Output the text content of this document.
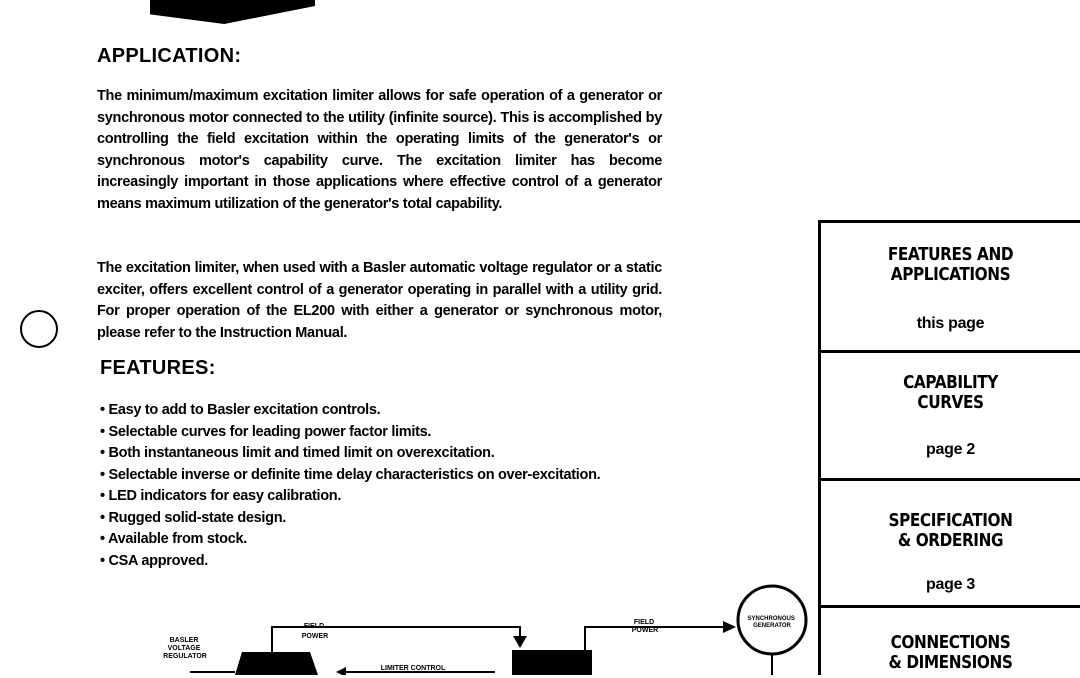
APPLICATION:

The minimum/maximum excitation limiter allows for safe operation of a generator or synchronous motor connected to the utility (infinite source). This is accomplished by controlling the field excitation within the operating limits of the generator's or synchronous motor's capability curve. The excitation limiter has become increasingly important in those applications where effective control of a generator means maximum utilization of the generator's total capability.

The excitation limiter, when used with a Basler automatic voltage regulator or a static exciter, offers excellent control of a generator operating in parallel with a utility grid. For proper operation of the EL200 with either a generator or synchronous motor, please refer to the Instruction Manual.

FEATURES:
• Easy to add to Basler excitation controls.
• Selectable curves for leading power factor limits.
• Both instantaneous limit and timed limit on overexcitation.
• Selectable inverse or definite time delay characteristics on over-excitation.
• LED indicators for easy calibration.
• Rugged solid-state design.
• Available from stock.
• CSA approved.
BASLER VOLTAGE REGULATOR
FIELD POWER
FIELD POWER
LIMITER CONTROL
SYNCHRONOUS GENERATOR
FEATURES AND
APPLICATIONS
this page
CAPABILITY
CURVES
page 2
SPECIFICATION
& ORDERING
page 3
CONNECTIONS
& DIMENSIONS
